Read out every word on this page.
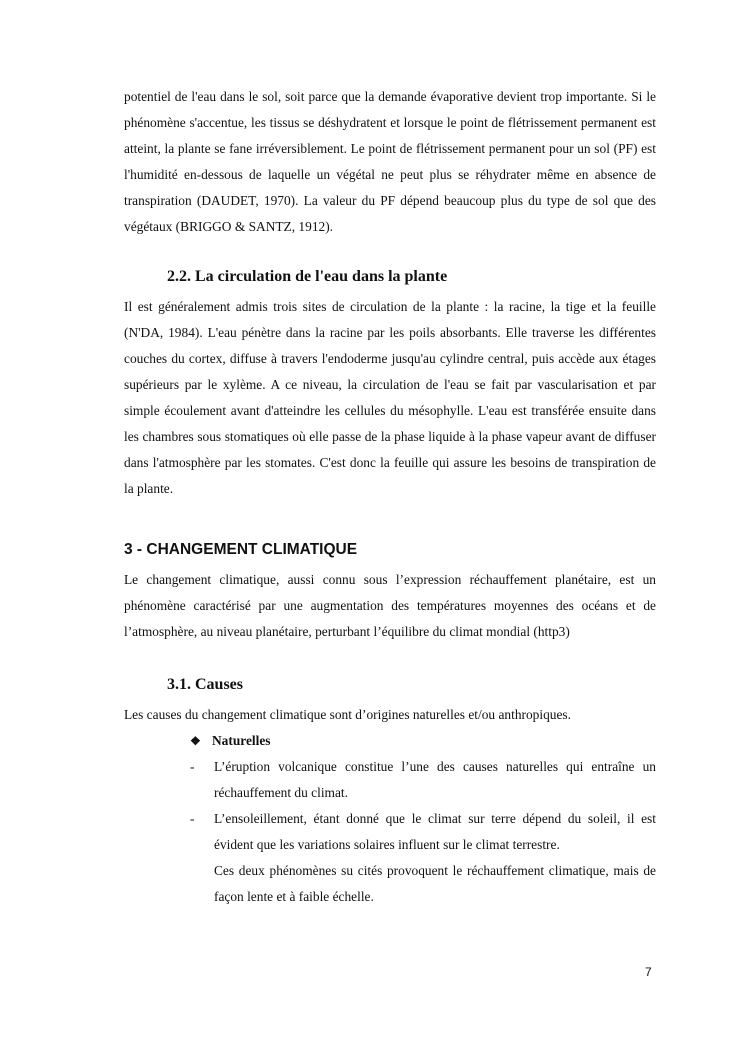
potentiel de l'eau dans le sol, soit parce que la demande évaporative devient trop importante. Si le phénomène s'accentue, les tissus se déshydratent et lorsque le point de flétrissement permanent est atteint, la plante se fane irréversiblement. Le point de flétrissement permanent pour un sol (PF) est l'humidité en-dessous de laquelle un végétal ne peut plus se réhydrater même en absence de transpiration (DAUDET, 1970). La valeur du PF dépend beaucoup plus du type de sol que des végétaux (BRIGGO & SANTZ, 1912).

2.2. La circulation de l'eau dans la plante

Il est généralement admis trois sites de circulation de la plante : la racine, la tige et la feuille (N'DA, 1984). L'eau pénètre dans la racine par les poils absorbants. Elle traverse les différentes couches du cortex, diffuse à travers l'endoderme jusqu'au cylindre central, puis accède aux étages supérieurs par le xylème. A ce niveau, la circulation de l'eau se fait par vascularisation et par simple écoulement avant d'atteindre les cellules du mésophylle. L'eau est transférée ensuite dans les chambres sous stomatiques où elle passe de la phase liquide à la phase vapeur avant de diffuser dans l'atmosphère par les stomates. C'est donc la feuille qui assure les besoins de transpiration de la plante.

3 - CHANGEMENT CLIMATIQUE

Le changement climatique, aussi connu sous l’expression réchauffement planétaire, est un phénomène caractérisé par une augmentation des températures moyennes des océans et de l’atmosphère, au niveau planétaire, perturbant l’équilibre du climat mondial (http3)

3.1. Causes

Les causes du changement climatique sont d’origines naturelles et/ou anthropiques.

❖ Naturelles
- L’éruption volcanique constitue l’une des causes naturelles qui entraîne un réchauffement du climat.
- L’ensoleillement, étant donné que le climat sur terre dépend du soleil, il est évident que les variations solaires influent sur le climat terrestre.
Ces deux phénomènes su cités provoquent le réchauffement climatique, mais de façon lente et à faible échelle.
7
